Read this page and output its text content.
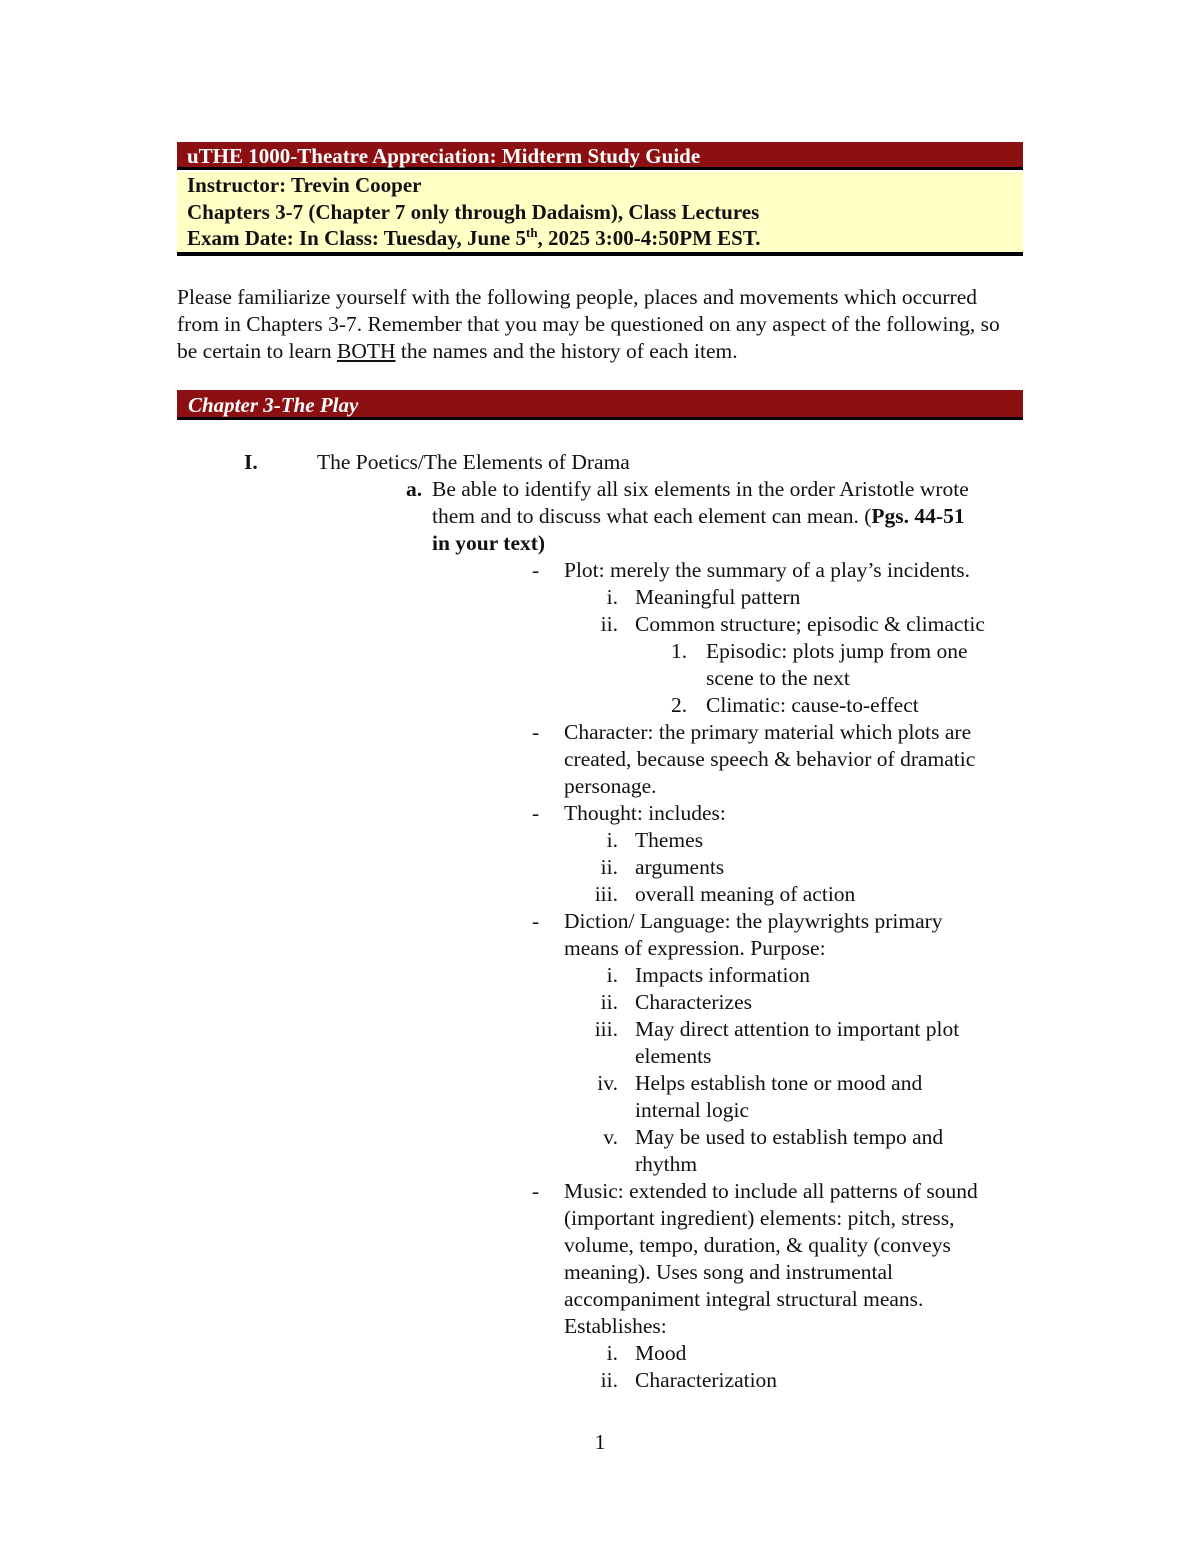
uTHE 1000-Theatre Appreciation: Midterm Study Guide
Instructor: Trevin Cooper
Chapters 3-7 (Chapter 7 only through Dadaism), Class Lectures
Exam Date: In Class: Tuesday, June 5th, 2025 3:00-4:50PM EST.
Please familiarize yourself with the following people, places and movements which occurred from in Chapters 3-7. Remember that you may be questioned on any aspect of the following, so be certain to learn BOTH the names and the history of each item.
Chapter 3-The Play
I.	The Poetics/The Elements of Drama
a. Be able to identify all six elements in the order Aristotle wrote
them and to discuss what each element can mean. (Pgs. 44-51
in your text)
- Plot: merely the summary of a play’s incidents.
i. Meaningful pattern
ii. Common structure; episodic & climactic
1. Episodic: plots jump from one
scene to the next
2. Climatic: cause-to-effect
- Character: the primary material which plots are
created, because speech & behavior of dramatic
personage.
- Thought: includes:
i. Themes
ii. arguments
iii. overall meaning of action
- Diction/ Language: the playwrights primary
means of expression. Purpose:
i. Impacts information
ii. Characterizes
iii. May direct attention to important plot
elements
iv. Helps establish tone or mood and
internal logic
v. May be used to establish tempo and
rhythm
- Music: extended to include all patterns of sound
(important ingredient) elements: pitch, stress,
volume, tempo, duration, & quality (conveys
meaning). Uses song and instrumental
accompaniment integral structural means.
Establishes:
i. Mood
ii. Characterization
1
